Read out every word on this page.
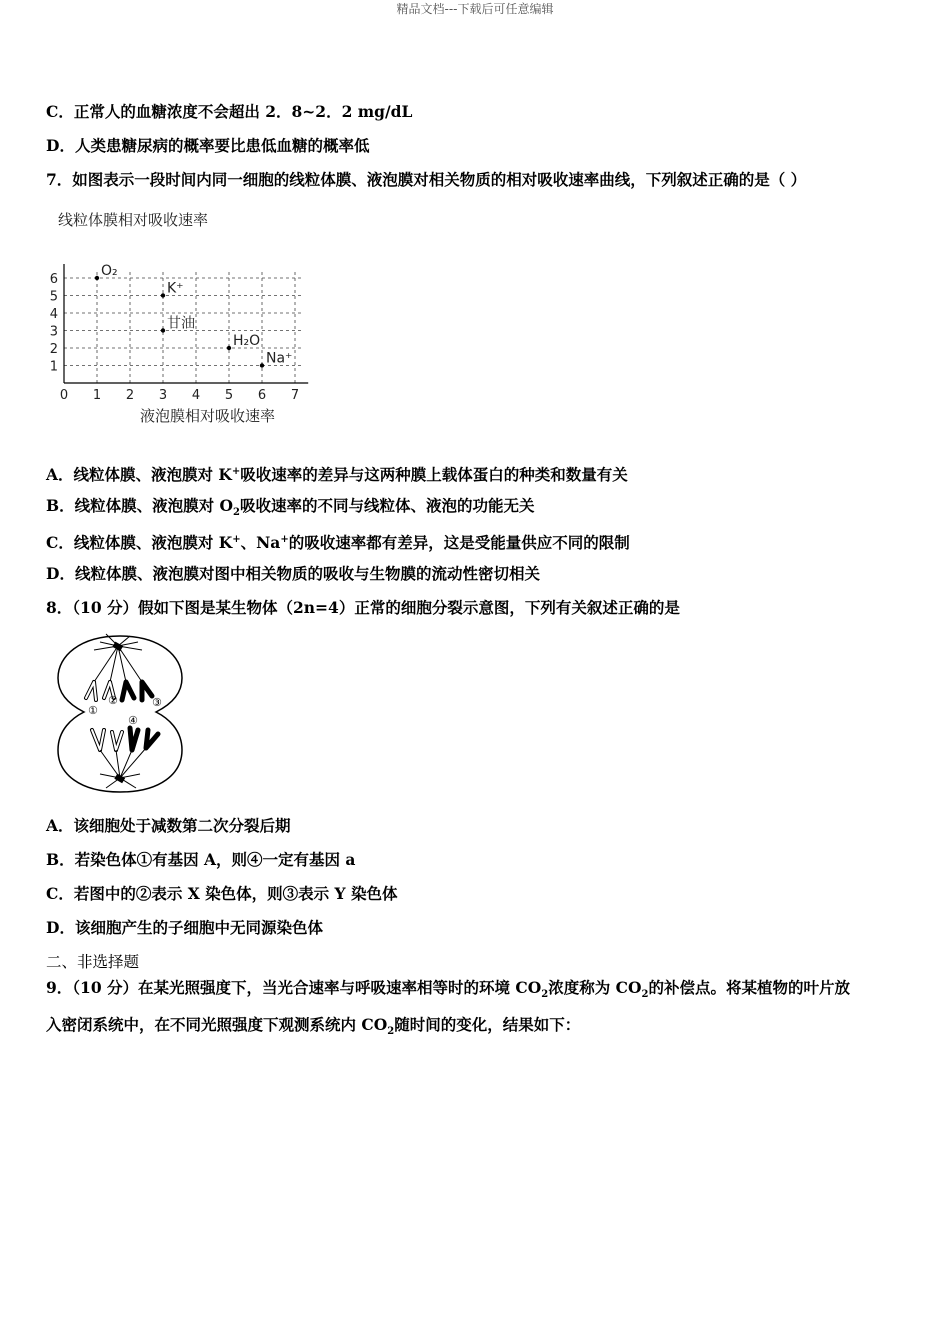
精品文档---下载后可任意编辑
C．正常人的血糖浓度不会超出 2．8~2．2 mg/dL
D．人类患糖尿病的概率要比患低血糖的概率低
7．如图表示一段时间内同一细胞的线粒体膜、液泡膜对相关物质的相对吸收速率曲线，下列叙述正确的是（ ）
线粒体膜相对吸收速率
0 1 2 3 4 5 6 7
1
2
3
4
5
6
O₂
K⁺
甘油
H₂O
Na⁺
液泡膜相对吸收速率
A．线粒体膜、液泡膜对 K+吸收速率的差异与这两种膜上载体蛋白的种类和数量有关
B．线粒体膜、液泡膜对 $O_2$吸收速率的不同与线粒体、液泡的功能无关
C．线粒体膜、液泡膜对 K+、Na+的吸收速率都有差异，这是受能量供应不同的限制
D．线粒体膜、液泡膜对图中相关物质的吸收与生物膜的流动性密切相关
8．（10 分）假如下图是某生物体（2n=4）正常的细胞分裂示意图，下列有关叙述正确的是
①
②	③
④
A．该细胞处于减数第二次分裂后期
B．若染色体①有基因 A，则④一定有基因 a
C．若图中的②表示 X 染色体，则③表示 Y 染色体
D．该细胞产生的子细胞中无同源染色体
二、非选择题
9．（10 分）在某光照强度下，当光合速率与呼吸速率相等时的环境 $CO_2$浓度称为 $CO_2$的补偿点。将某植物的叶片放
入密闭系统中，在不同光照强度下观测系统内 $CO_2$随时间的变化，结果如下：
